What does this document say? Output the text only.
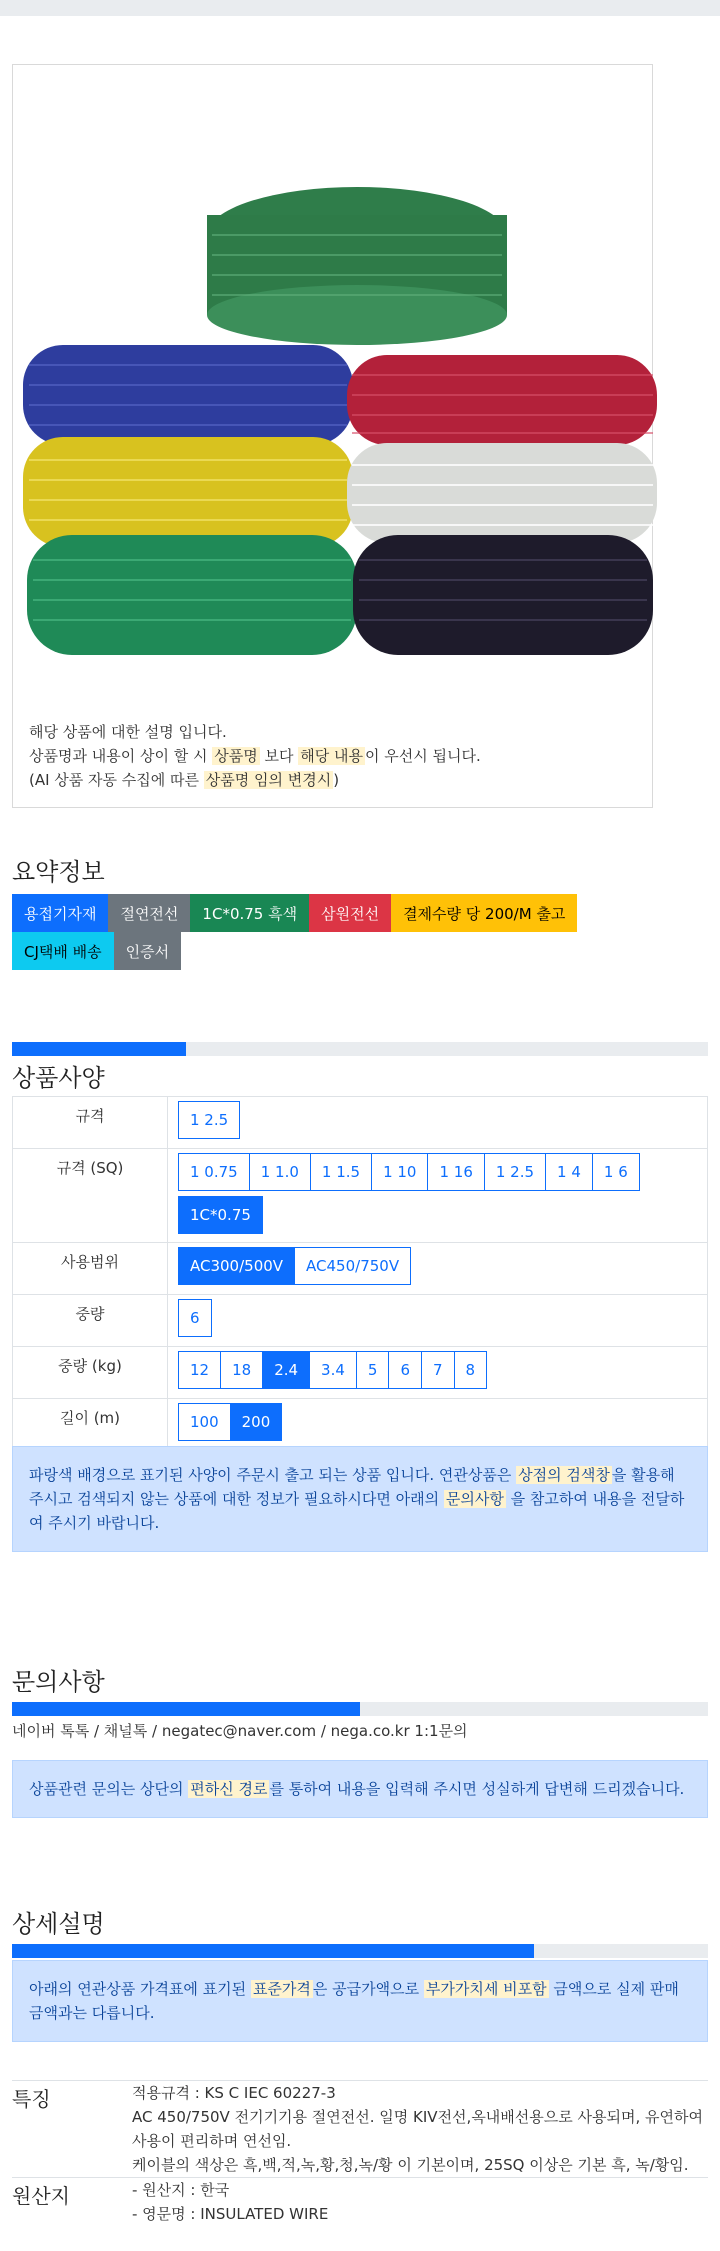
해당 상품에 대한 설명 입니다.

상품명과 내용이 상이 할 시 상품명 보다 해당 내용 이 우선시 됩니다.

(AI 상품 자동 수집에 따른 상품명 임의 변경시 )

요약정보
용접기자재	절연전선	1C*0.75 흑색	삼원전선	결제수량 당 200/M 출고
CJ택배 배송	인증서
상품사양
규격	1 2.5
규격 (SQ)	1 0.75	1 1.0	1 1.5	1 10	1 16	1 2.5	1 4	1 6
1C*0.75
사용범위	AC300/500V	AC450/750V
중량	6
중량 (kg)	12	18	2.4	3.4	5	6	7	8
길이 (m)	100	200
파랑색 배경으로 표기된 사양이 주문시 출고 되는 상품 입니다. 연관상품은 상점의 검색창 을 활용해 주시고 검색되지 않는 상품에 대한 정보가 필요하시다면 아래의 문의사항 을 참고하여 내용을 전달하여 주시기 바랍니다.
문의사항
네이버 톡톡 / 채널톡 / negatec@naver.com / nega.co.kr 1:1문의
상품관련 문의는 상단의 편하신 경로 를 통하여 내용을 입력해 주시면 성실하게 답변해 드리겠습니다.
상세설명
아래의 연관상품 가격표에 표기된 표준가격 은 공급가액으로 부가가치세 비포함 금액으로 실제 판매금액과는 다릅니다.
특징	적용규격 : KS C IEC 60227-3
AC 450/750V 전기기기용 절연전선. 일명 KIV전선,옥내배선용으로 사용되며, 유연하여 사용이 편리하며 연선임.
케이블의 색상은 흑,백,적,녹,황,청,녹/황 이 기본이며, 25SQ 이상은 기본 흑, 녹/황임.
원산지	- 원산지 : 한국
- 영문명 : INSULATED WIRE
